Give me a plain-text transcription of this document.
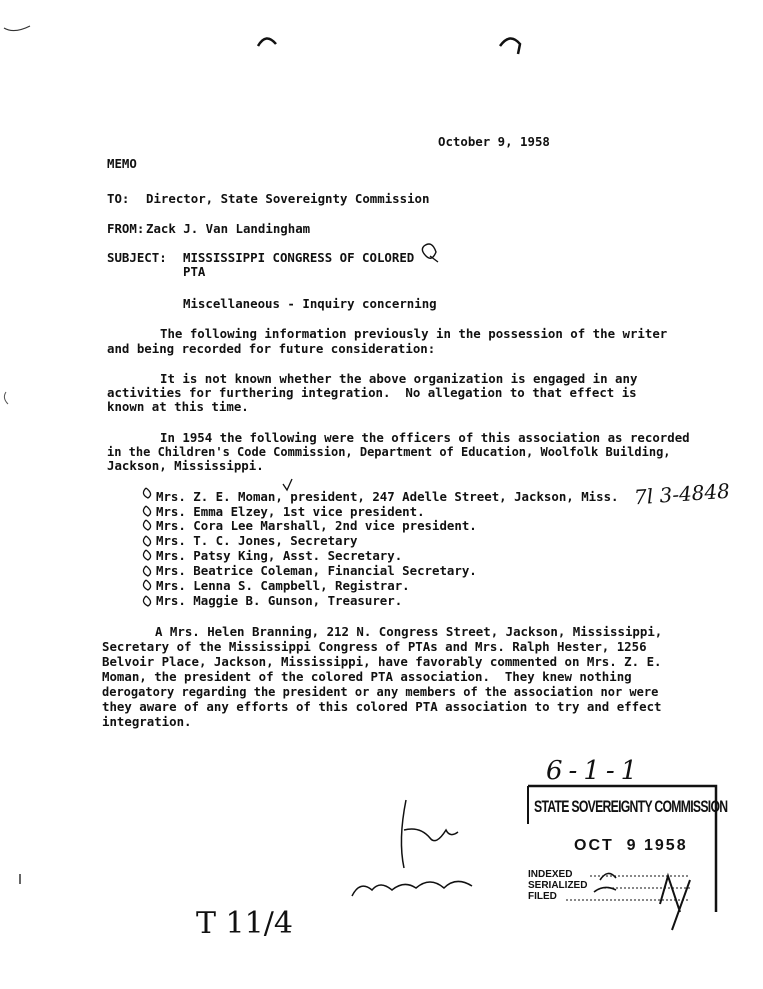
October 9, 1958
MEMO
TO: Director, State Sovereignty Commission
FROM: Zack J. Van Landingham
SUBJECT: MISSISSIPPI CONGRESS OF COLORED
PTA
Miscellaneous - Inquiry concerning
The following information previously in the possession of the writer
and being recorded for future consideration:
It is not known whether the above organization is engaged in any
activities for furthering integration.  No allegation to that effect is
known at this time.
In 1954 the following were the officers of this association as recorded
in the Children's Code Commission, Department of Education, Woolfolk Building,
Jackson, Mississippi.
Mrs. Z. E. Moman, president, 247 Adelle Street, Jackson, Miss.
Mrs. Emma Elzey, 1st vice president.
Mrs. Cora Lee Marshall, 2nd vice president.
Mrs. T. C. Jones, Secretary
Mrs. Patsy King, Asst. Secretary.
Mrs. Beatrice Coleman, Financial Secretary.
Mrs. Lenna S. Campbell, Registrar.
Mrs. Maggie B. Gunson, Treasurer.
A Mrs. Helen Branning, 212 N. Congress Street, Jackson, Mississippi,
Secretary of the Mississippi Congress of PTAs and Mrs. Ralph Hester, 1256
Belvoir Place, Jackson, Mississippi, have favorably commented on Mrs. Z. E.
Moman, the president of the colored PTA association.  They knew nothing
derogatory regarding the president or any members of the association nor were
they aware of any efforts of this colored PTA association to try and effect
integration.
7l 3-4848
6-1-1
T 11/4
STATE SOVEREIGNTY COMMISSION
OCT  9 1958
INDEXED
SERIALIZED
FILED
